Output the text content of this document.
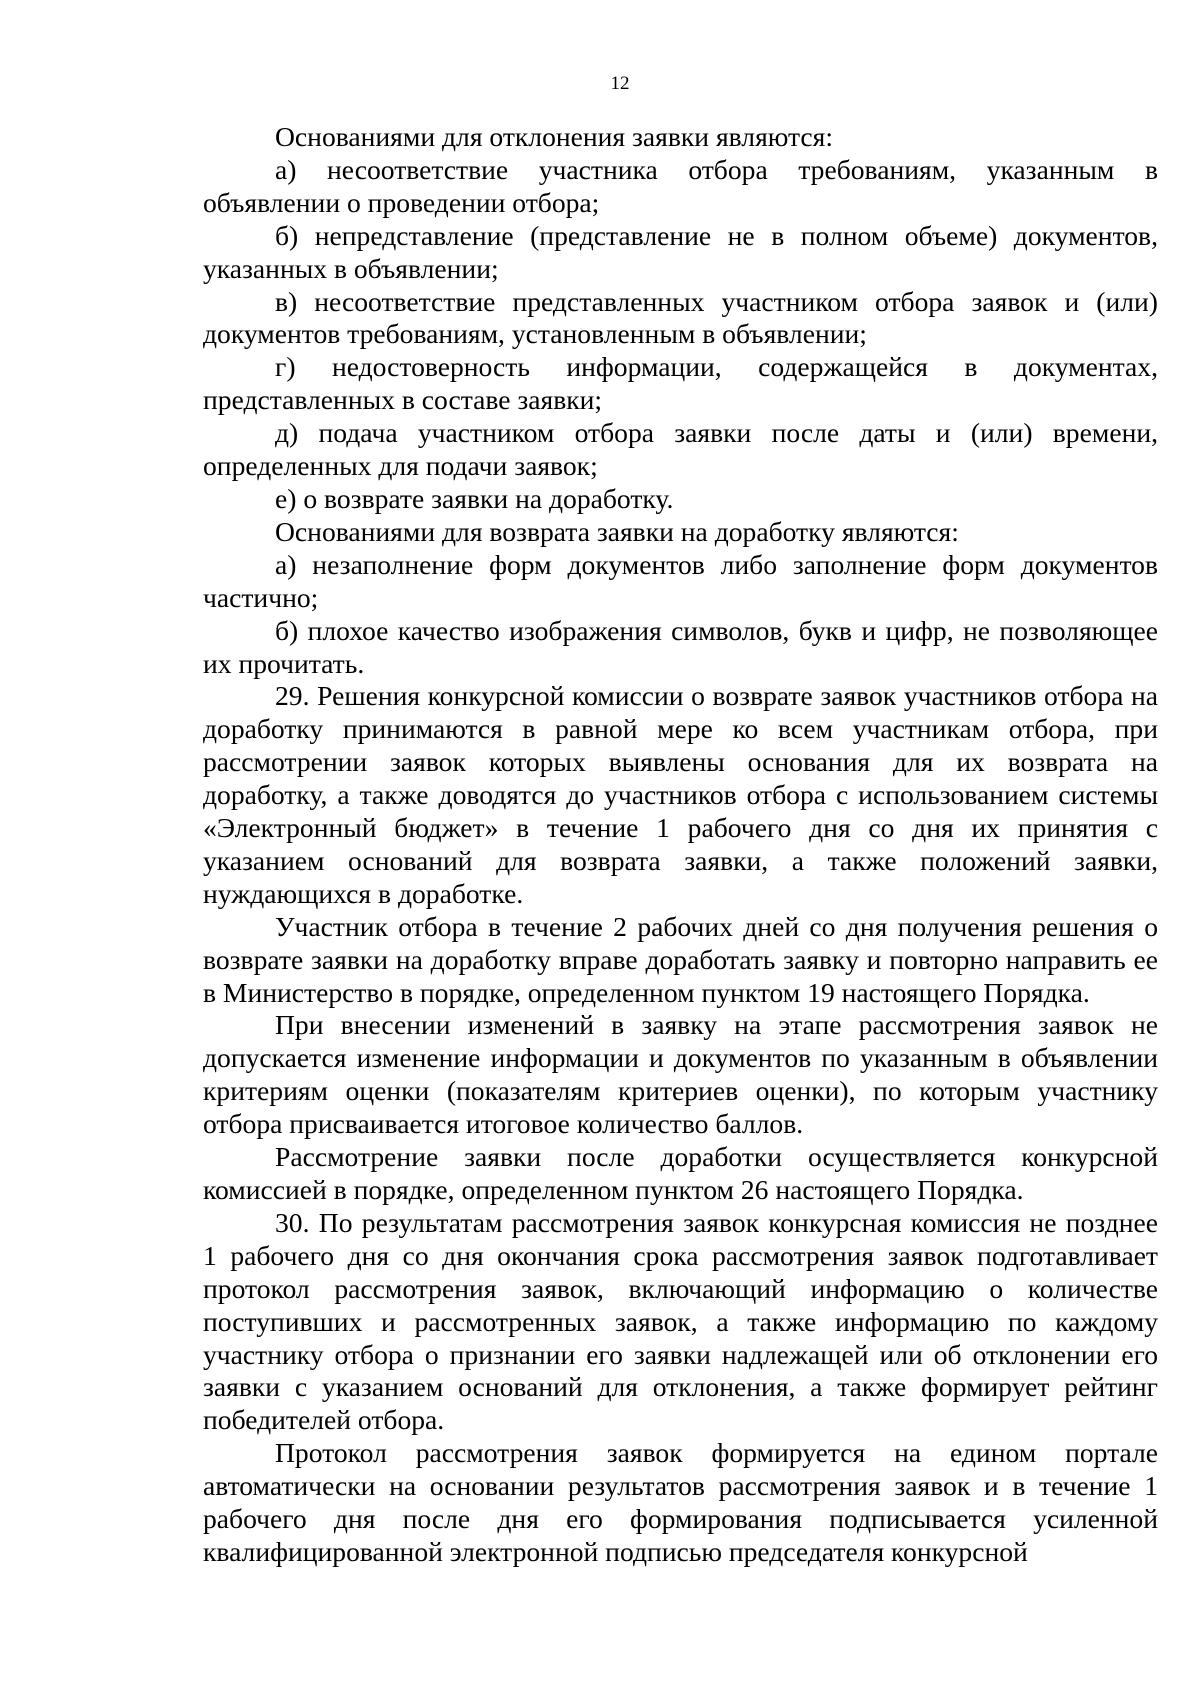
12

Основаниями для отклонения заявки являются:

а) несоответствие участника отбора требованиям, указанным в объявлении о проведении отбора;

б) непредставление (представление не в полном объеме) документов, указанных в объявлении;

в) несоответствие представленных участником отбора заявок и (или) документов требованиям, установленным в объявлении;

г) недостоверность информации, содержащейся в документах, представленных в составе заявки;

д) подача участником отбора заявки после даты и (или) времени, определенных для подачи заявок;

е) о возврате заявки на доработку.

Основаниями для возврата заявки на доработку являются:

а) незаполнение форм документов либо заполнение форм документов частично;

б) плохое качество изображения символов, букв и цифр, не позволяющее их прочитать.

29. Решения конкурсной комиссии о возврате заявок участников отбора на доработку принимаются в равной мере ко всем участникам отбора, при рассмотрении заявок которых выявлены основания для их возврата на доработку, а также доводятся до участников отбора с использованием системы «Электронный бюджет» в течение 1 рабочего дня со дня их принятия с указанием оснований для возврата заявки, а также положений заявки, нуждающихся в доработке.

Участник отбора в течение 2 рабочих дней со дня получения решения о возврате заявки на доработку вправе доработать заявку и повторно направить ее в Министерство в порядке, определенном пунктом 19 настоящего Порядка.

При внесении изменений в заявку на этапе рассмотрения заявок не допускается изменение информации и документов по указанным в объявлении критериям оценки (показателям критериев оценки), по которым участнику отбора присваивается итоговое количество баллов.

Рассмотрение заявки после доработки осуществляется конкурсной комиссией в порядке, определенном пунктом 26 настоящего Порядка.

30. По результатам рассмотрения заявок конкурсная комиссия не позднее 1 рабочего дня со дня окончания срока рассмотрения заявок подготавливает протокол рассмотрения заявок, включающий информацию о количестве поступивших и рассмотренных заявок, а также информацию по каждому участнику отбора о признании его заявки надлежащей или об отклонении его заявки с указанием оснований для отклонения, а также формирует рейтинг победителей отбора.

Протокол рассмотрения заявок формируется на едином портале автоматически на основании результатов рассмотрения заявок и в течение 1 рабочего дня после дня его формирования подписывается усиленной квалифицированной электронной подписью председателя конкурсной
